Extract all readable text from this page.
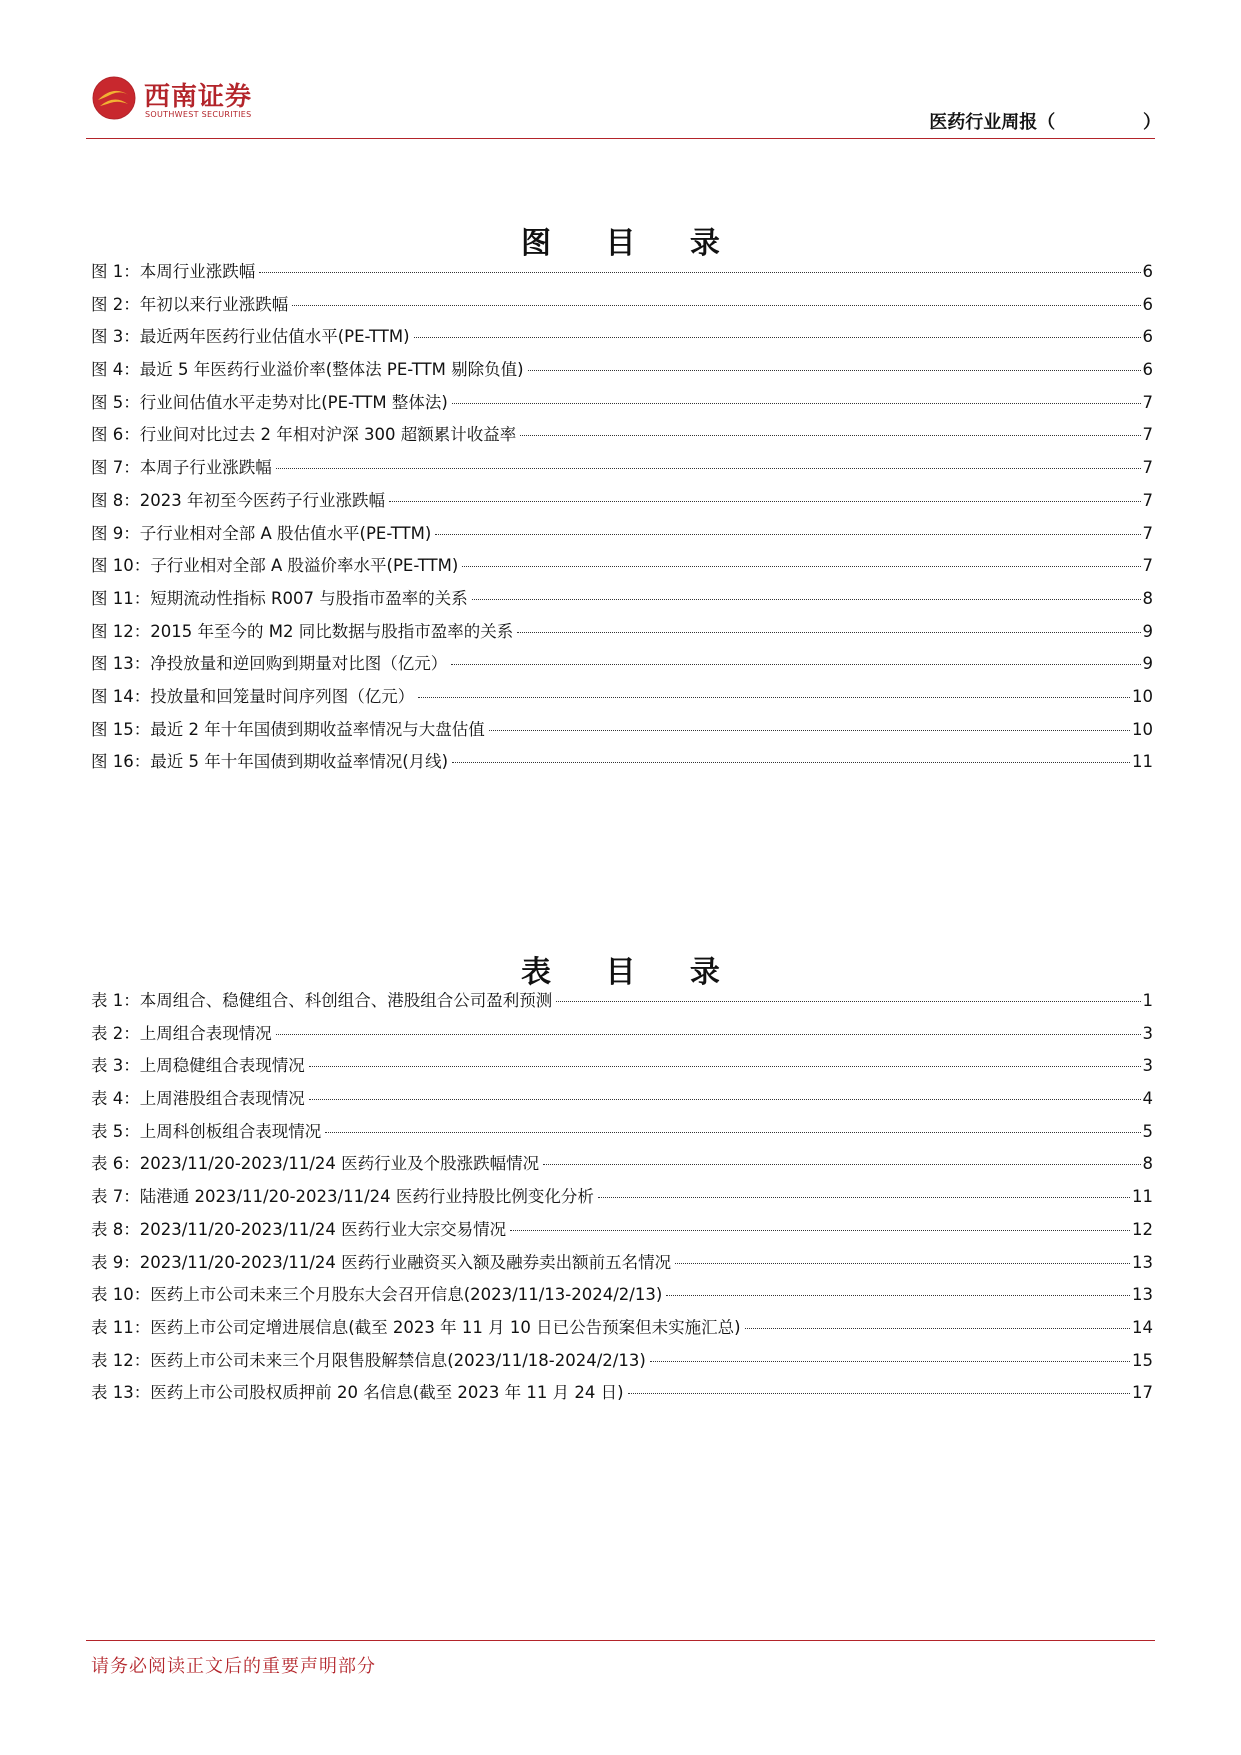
西南证券
SOUTHWEST SECURITIES	医药行业周报（              ）
图 目 录
图 1：本周行业涨跌幅	6
图 2：年初以来行业涨跌幅	6
图 3：最近两年医药行业估值水平(PE-TTM)	6
图 4：最近 5 年医药行业溢价率(整体法 PE-TTM 剔除负值)	6
图 5：行业间估值水平走势对比(PE-TTM 整体法)	7
图 6：行业间对比过去 2 年相对沪深 300 超额累计收益率	7
图 7：本周子行业涨跌幅	7
图 8：2023 年初至今医药子行业涨跌幅	7
图 9：子行业相对全部 A 股估值水平(PE-TTM)	7
图 10：子行业相对全部 A 股溢价率水平(PE-TTM)	7
图 11：短期流动性指标 R007 与股指市盈率的关系	8
图 12：2015 年至今的 M2 同比数据与股指市盈率的关系	9
图 13：净投放量和逆回购到期量对比图（亿元）	9
图 14：投放量和回笼量时间序列图（亿元）	10
图 15：最近 2 年十年国债到期收益率情况与大盘估值	10
图 16：最近 5 年十年国债到期收益率情况(月线)	11
表 目 录
表 1：本周组合、稳健组合、科创组合、港股组合公司盈利预测	1
表 2：上周组合表现情况	3
表 3：上周稳健组合表现情况	3
表 4：上周港股组合表现情况	4
表 5：上周科创板组合表现情况	5
表 6：2023/11/20-2023/11/24 医药行业及个股涨跌幅情况	8
表 7：陆港通 2023/11/20-2023/11/24 医药行业持股比例变化分析	11
表 8：2023/11/20-2023/11/24 医药行业大宗交易情况	12
表 9：2023/11/20-2023/11/24 医药行业融资买入额及融券卖出额前五名情况	13
表 10：医药上市公司未来三个月股东大会召开信息(2023/11/13-2024/2/13)	13
表 11：医药上市公司定增进展信息(截至 2023 年 11 月 10 日已公告预案但未实施汇总)	14
表 12：医药上市公司未来三个月限售股解禁信息(2023/11/18-2024/2/13)	15
表 13：医药上市公司股权质押前 20 名信息(截至 2023 年 11 月 24 日)	17
请务必阅读正文后的重要声明部分
